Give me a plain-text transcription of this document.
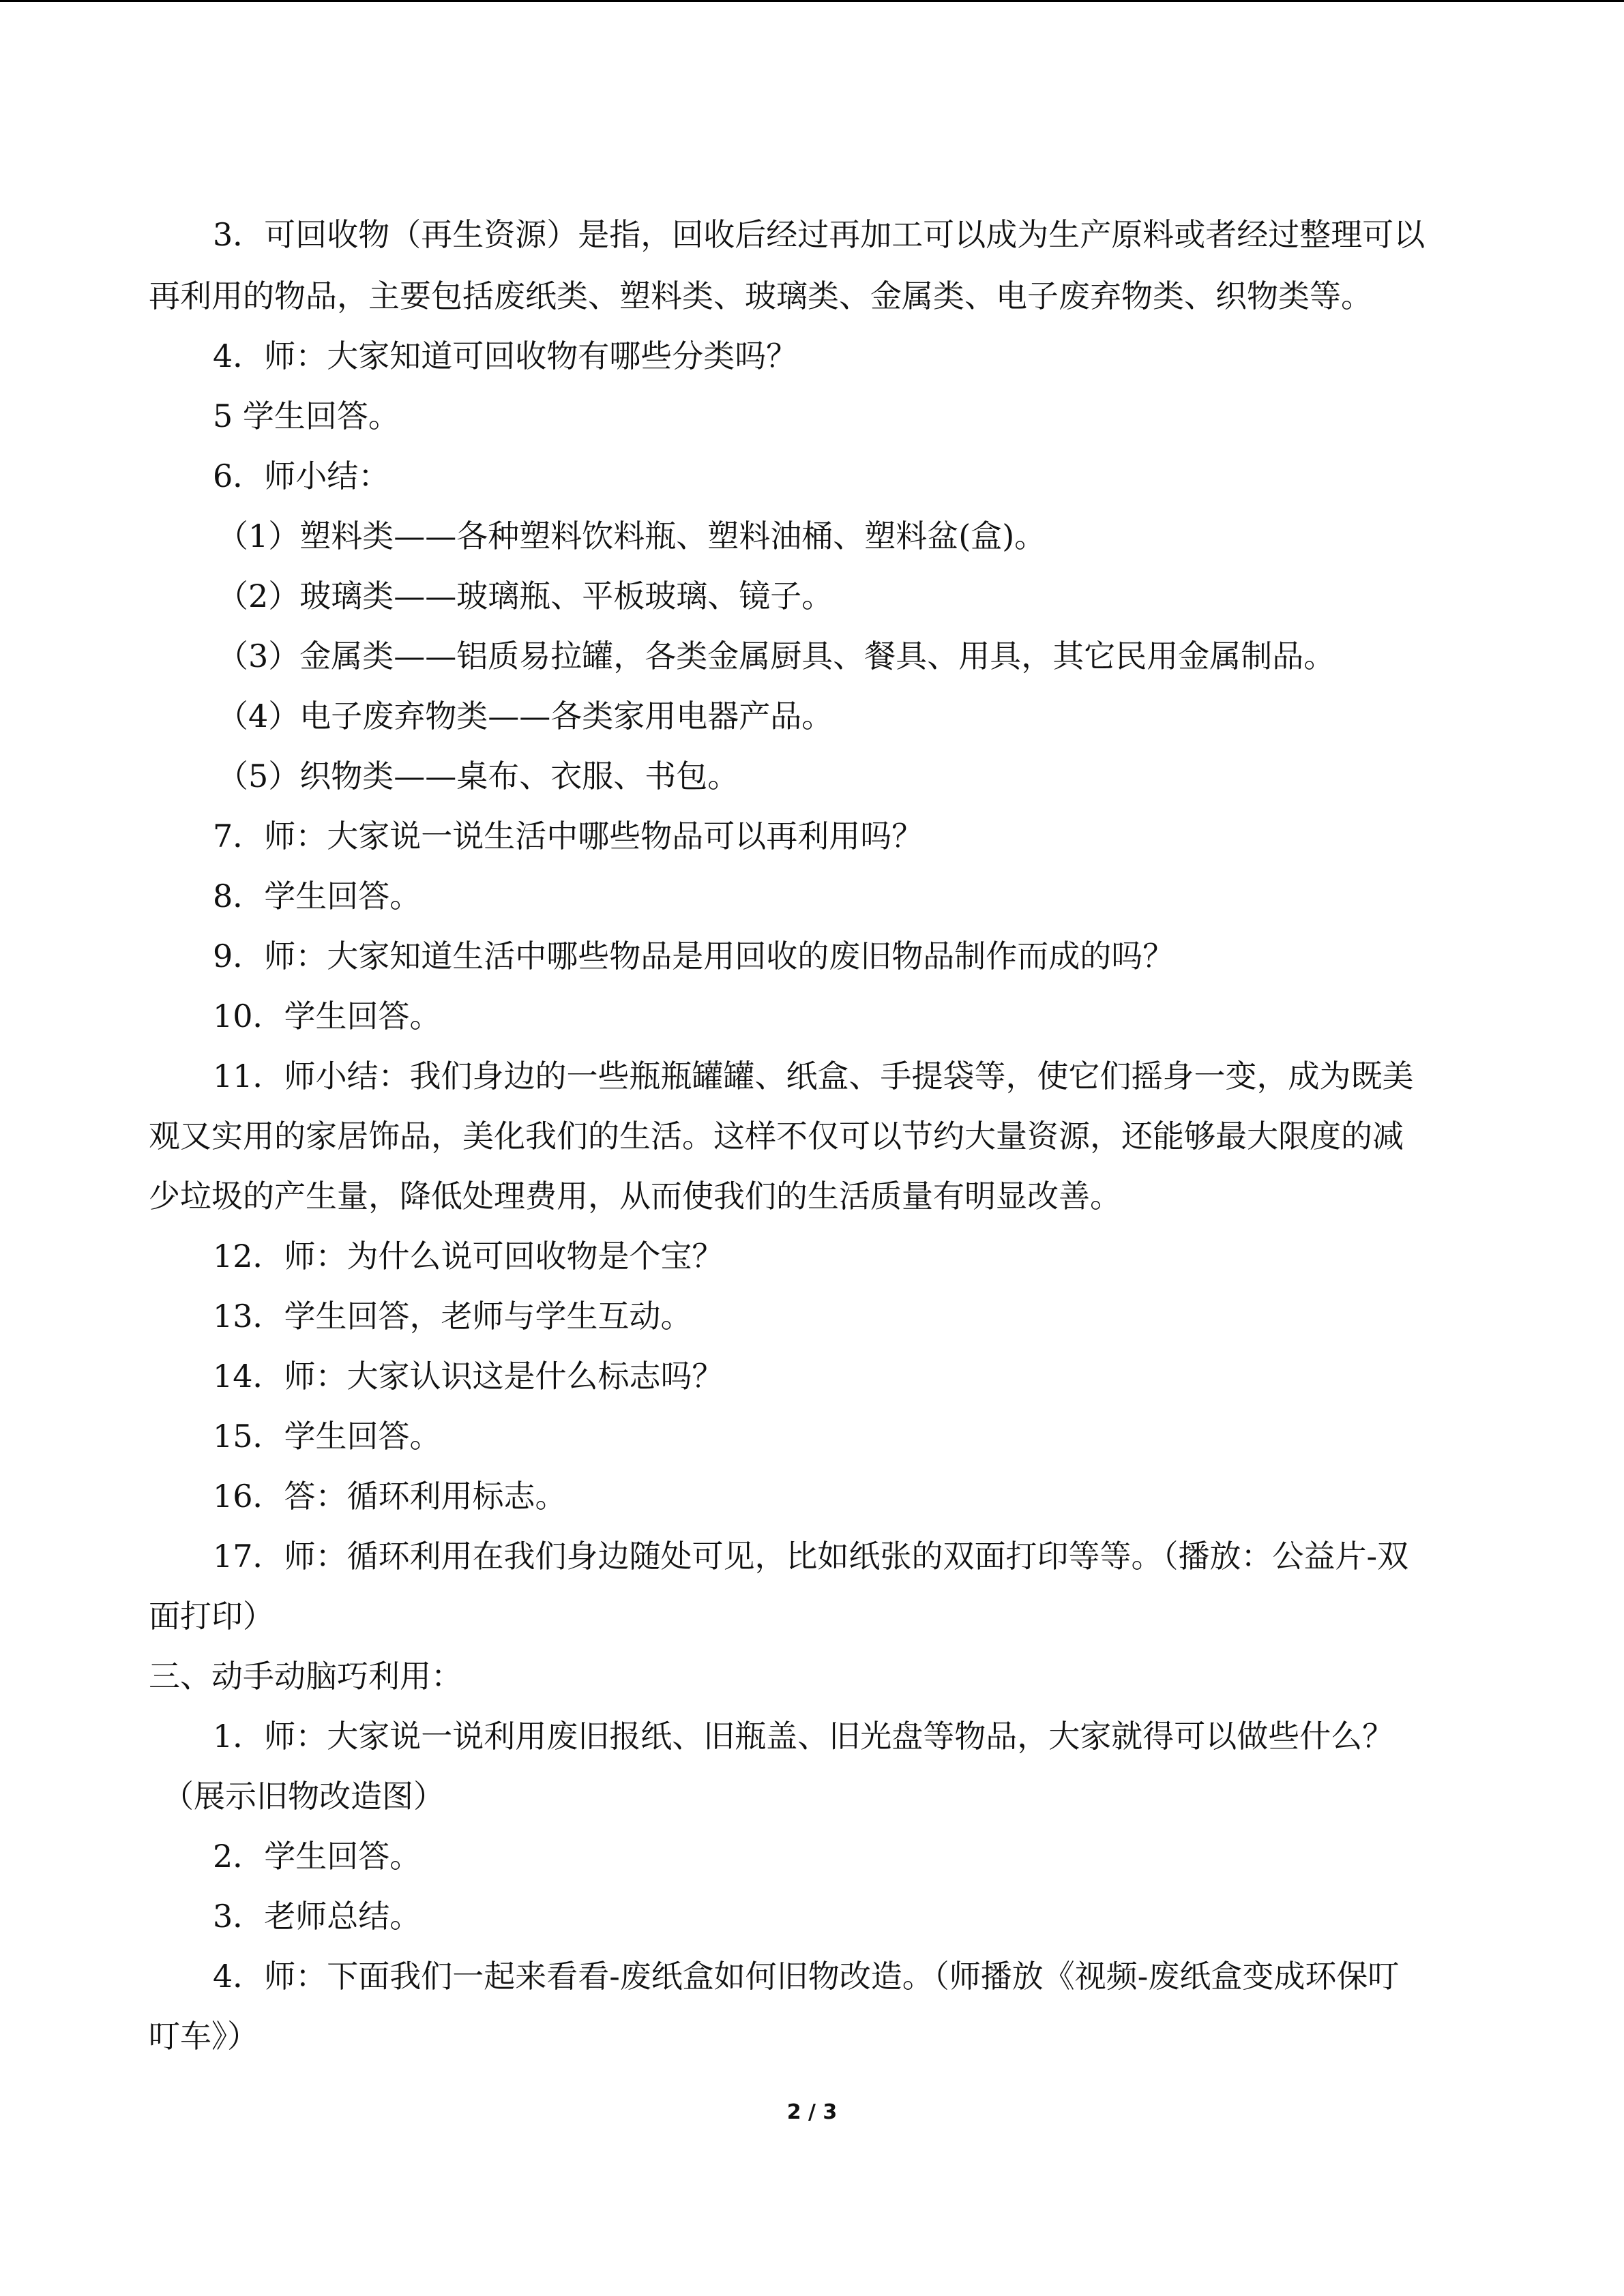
3．可回收物（再生资源）是指，回收后经过再加工可以成为生产原料或者经过整理可以
再利用的物品，主要包括废纸类、塑料类、玻璃类、金属类、电子废弃物类、织物类等。
4．师：大家知道可回收物有哪些分类吗？
5 学生回答。
6．师小结：
（1）塑料类——各种塑料饮料瓶、塑料油桶、塑料盆(盒)。
（2）玻璃类——玻璃瓶、平板玻璃、镜子。
（3）金属类——铝质易拉罐，各类金属厨具、餐具、用具，其它民用金属制品。
（4）电子废弃物类——各类家用电器产品。
（5）织物类——桌布、衣服、书包。
7．师：大家说一说生活中哪些物品可以再利用吗？
8．学生回答。
9．师：大家知道生活中哪些物品是用回收的废旧物品制作而成的吗？
10．学生回答。
11．师小结：我们身边的一些瓶瓶罐罐、纸盒、手提袋等，使它们摇身一变，成为既美
观又实用的家居饰品，美化我们的生活。这样不仅可以节约大量资源，还能够最大限度的减
少垃圾的产生量，降低处理费用，从而使我们的生活质量有明显改善。
12．师：为什么说可回收物是个宝？
13．学生回答，老师与学生互动。
14．师：大家认识这是什么标志吗？
15．学生回答。
16．答：循环利用标志。
17．师：循环利用在我们身边随处可见，比如纸张的双面打印等等。（播放：公益片-双
面打印）
三、动手动脑巧利用：
1．师：大家说一说利用废旧报纸、旧瓶盖、旧光盘等物品，大家就得可以做些什么？
（展示旧物改造图）
2．学生回答。
3．老师总结。
4．师：下面我们一起来看看-废纸盒如何旧物改造。（师播放《视频-废纸盒变成环保叮
叮车》）
2 / 3
